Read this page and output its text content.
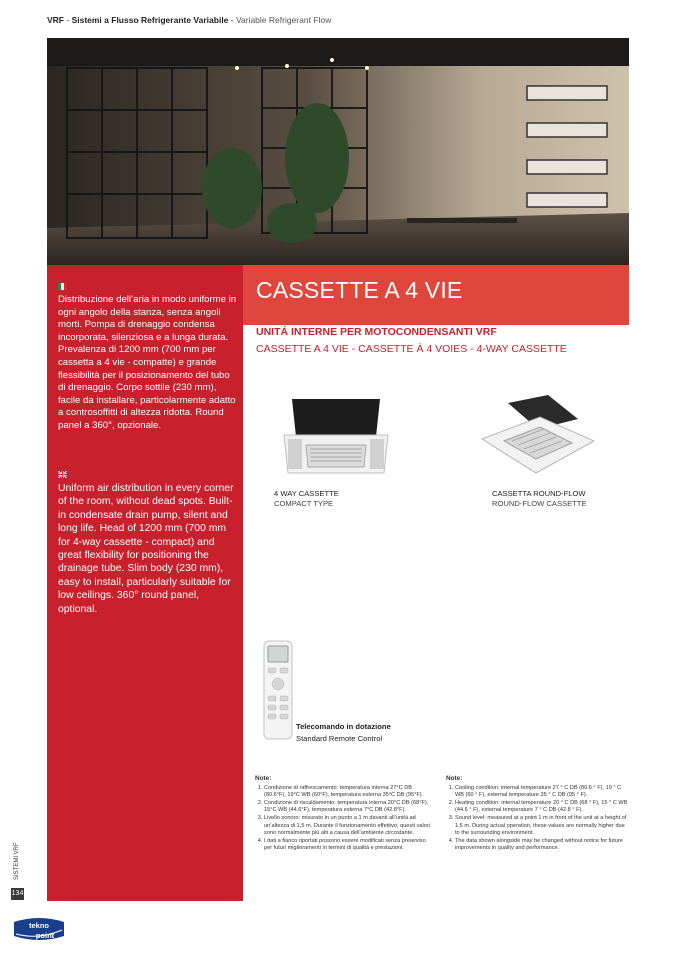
VRF - Sistemi a Flusso Refrigerante Variabile - Variable Refrigerant Flow
Distribuzione dell’aria in modo uniforme in ogni angolo della stanza, senza angoli morti. Pompa di drenaggio condensa incorporata, silenziosa e a lunga durata. Prevalenza di 1200 mm (700 mm per cassetta a 4 vie - compatte) e grande flessibilità per il posizionamento del tubo di drenaggio. Corpo sottile (230 mm), facile da installare, particolarmente adatto a controsoffitti di altezza ridotta. Round panel a 360°, opzionale.
Uniform air distribution in every corner of the room, without dead spots. Built-in condensate drain pump, silent and long life. Head of 1200 mm (700 mm for 4-way cassette - compact) and great flexibility for positioning the drainage tube. Slim body (230 mm), easy to install, particularly suitable for low ceilings. 360° round panel, optional.
SISTEMI VRF
134
tekno
point
CASSETTE A 4 VIE
UNITÁ INTERNE PER MOTOCONDENSANTI VRF
CASSETTE A 4 VIE - CASSETTE À 4 VOIES - 4-WAY CASSETTE
4 WAY CASSETTE
COMPACT TYPE
CASSETTA ROUND-FLOW
ROUND-FLOW CASSETTE
Telecomando in dotazione
Standard Remote Control
Note:
1. Condizione di raffrescamento: temperatura interna 27°C DB (80.6°F), 19°C WB (60°F), temperatura esterna 35°C DB (95°F).
2. Condizione di riscaldamento: temperatura interna 20°C DB (68°F), 15°C WB (44.6°F), temperatura esterna 7°C DB (42.8°F).
3. Livello sonoro: misurato in un punto a 1 m davanti all’unità ad un’altezza di 1,5 m. Durante il funzionamento effettivo, questi valori sono normalmente più alti a causa dell’ambiente circostante.
4. I dati a fianco riportati possono essere modificati senza preavviso per futuri miglioramenti in termini di qualità e prestazioni.
Note:
1. Cooling condition: internal temperature 27 ° C DB (80.6 ° F), 19 ° C WB (60 ° F), external temperature 35 ° C DB (95 ° F).
2. Heating condition: internal temperature 20 ° C DB (68 ° F), 15 ° C WB (44.6 ° F), external temperature 7 ° C DB (42.8 ° F).
3. Sound level: measured at a point 1 m in front of the unit at a height of 1.5 m. During actual operation, these values are normally higher due to the surrounding environment.
4. The data shown alongside may be changed without notice for future improvements in quality and performance.
